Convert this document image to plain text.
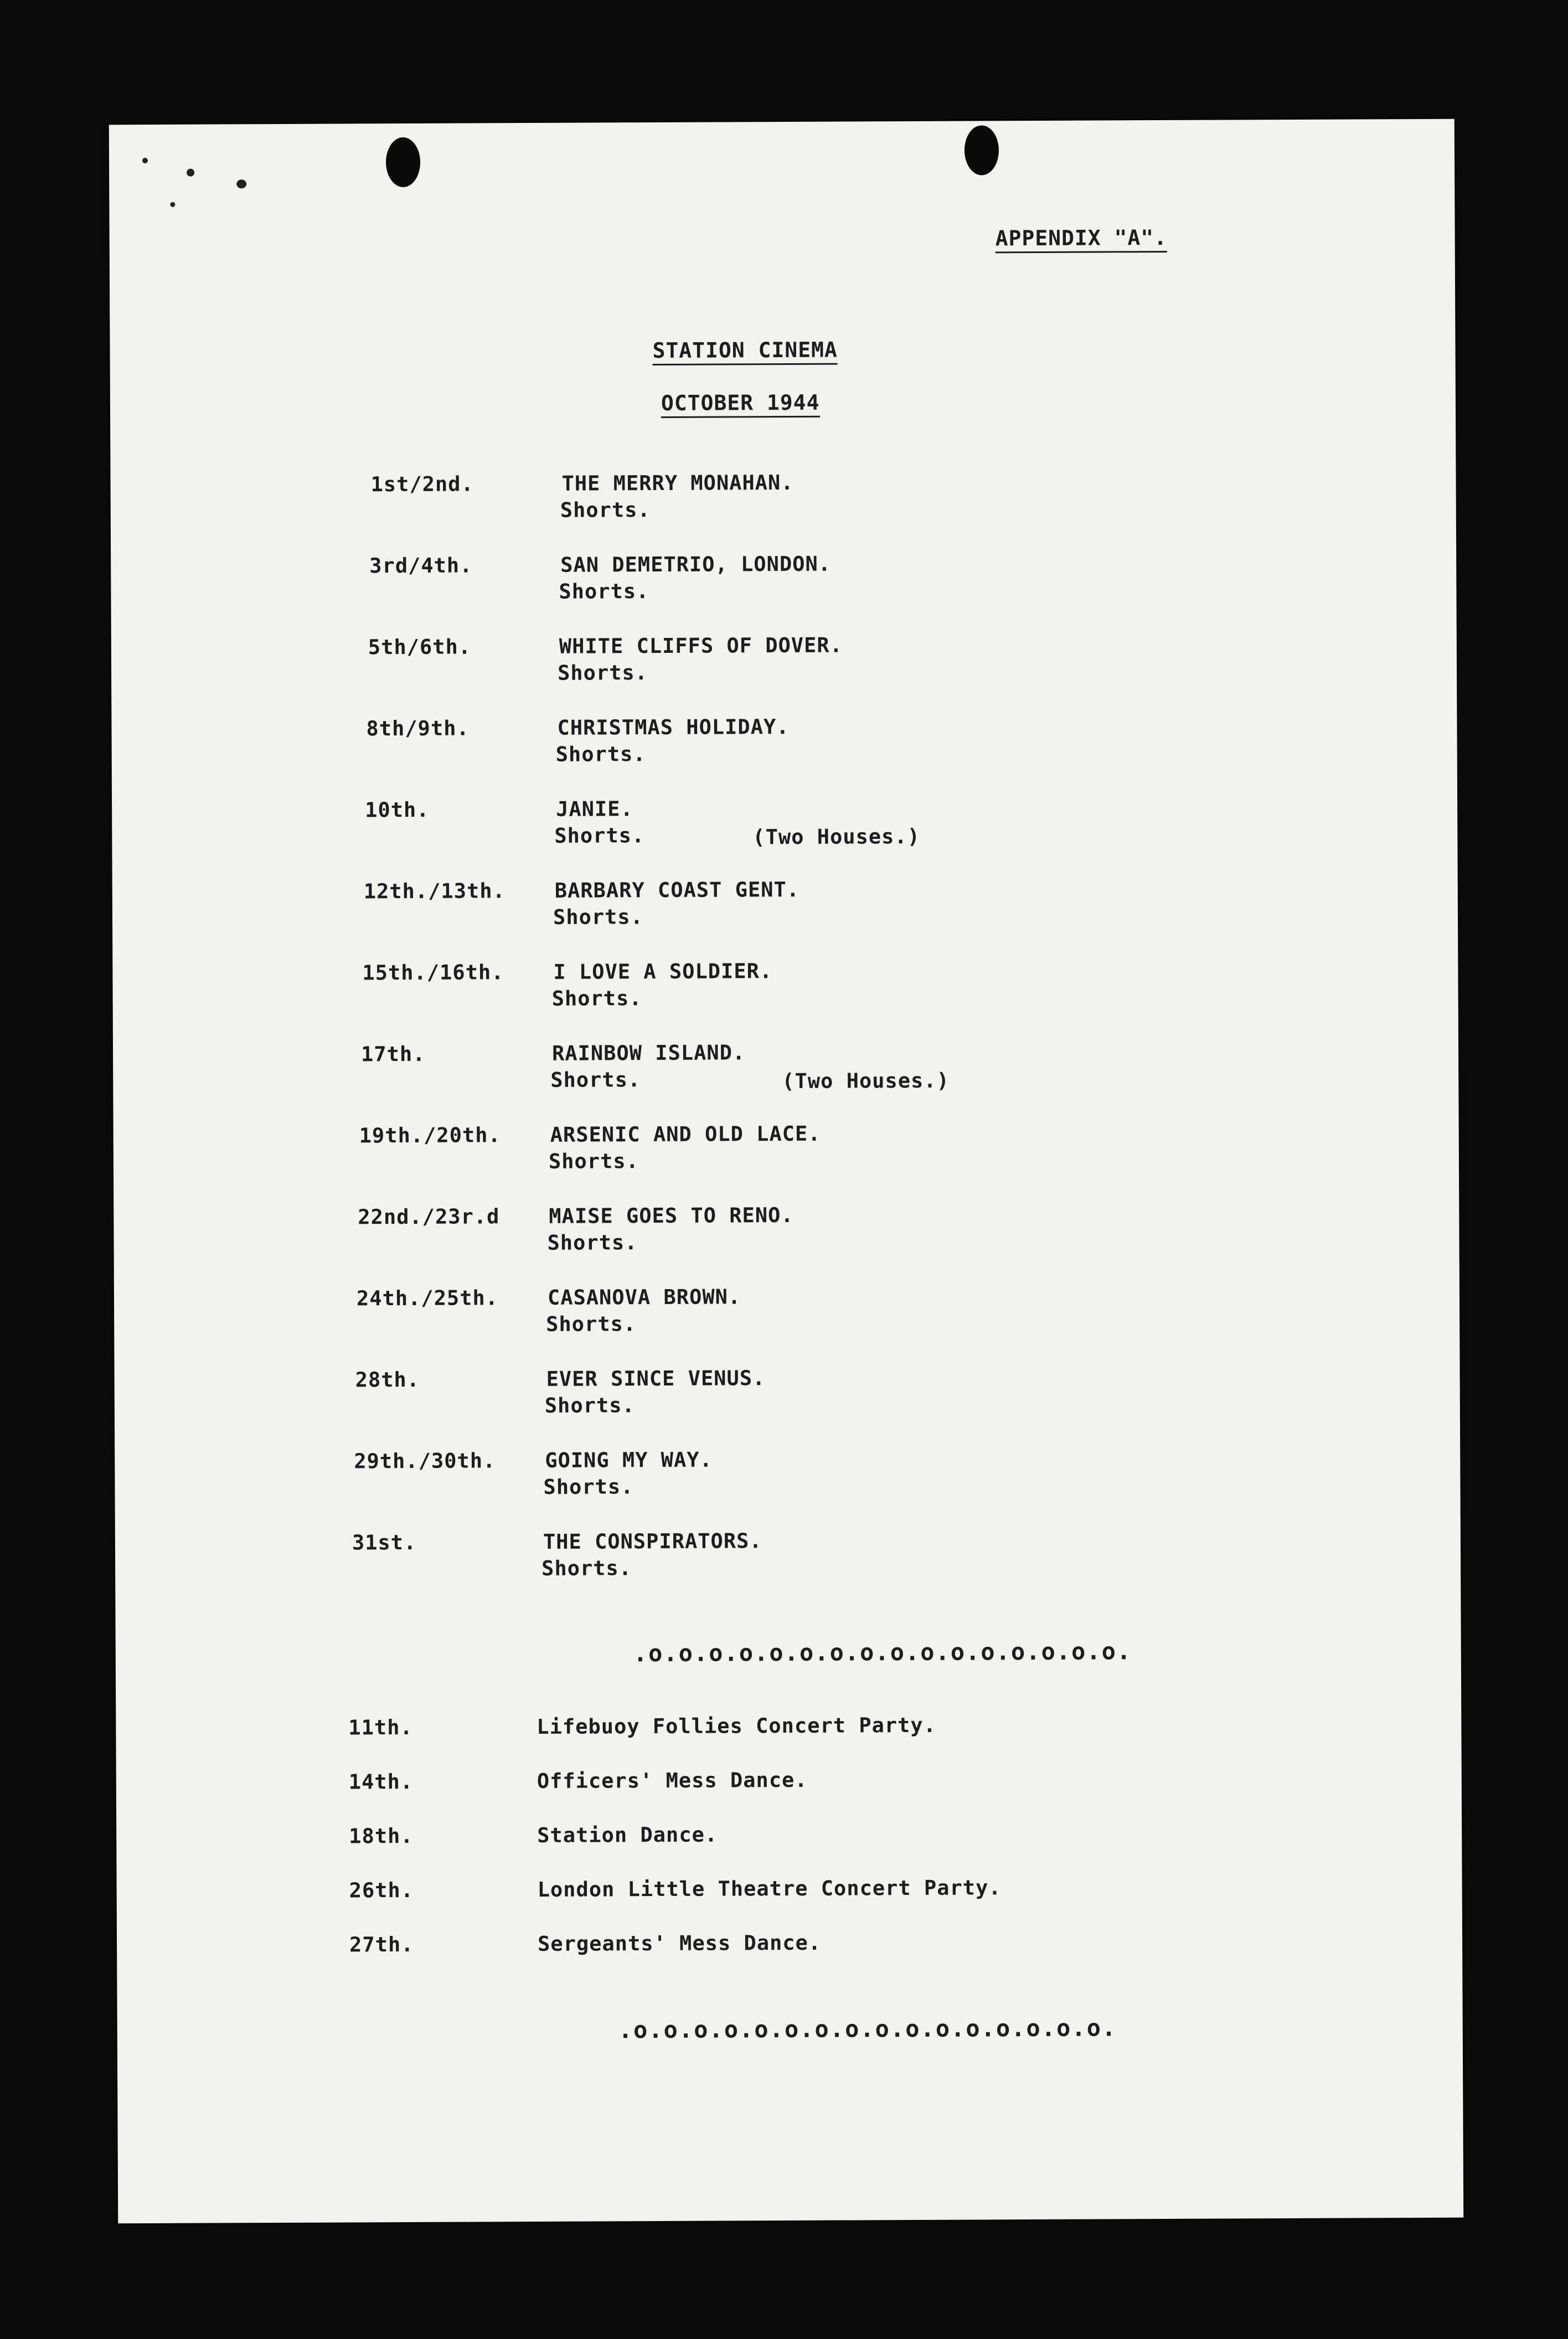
APPENDIX "A".
STATION CINEMA
OCTOBER 1944
1st/2nd.	THE MERRY MONAHAN.
Shorts.
3rd/4th.	SAN DEMETRIO, LONDON.
Shorts.
5th/6th.	WHITE CLIFFS OF DOVER.
Shorts.
8th/9th.	CHRISTMAS HOLIDAY.
Shorts.
10th.	JANIE.
Shorts.	(Two Houses.)
12th./13th. BARBARY COAST GENT.
Shorts.
15th./16th. I LOVE A SOLDIER.
Shorts.
17th.	RAINBOW ISLAND.
Shorts.	(Two Houses.)
19th./20th. ARSENIC AND OLD LACE.
Shorts.
22nd./23r.d MAISE GOES TO RENO.
Shorts.
24th./25th. CASANOVA BROWN.
Shorts.
28th.	EVER SINCE VENUS.
Shorts.
29th./30th. GOING MY WAY.
Shorts.
31st.	THE CONSPIRATORS.
Shorts.
.o.o.o.o.o.o.o.o.o.o.o.o.o.o.o.o.
11th.	Lifebuoy Follies Concert Party.
14th.	Officers' Mess Dance.
18th.	Station Dance.
26th.	London Little Theatre Concert Party.
27th.	Sergeants' Mess Dance.
.o.o.o.o.o.o.o.o.o.o.o.o.o.o.o.o.
